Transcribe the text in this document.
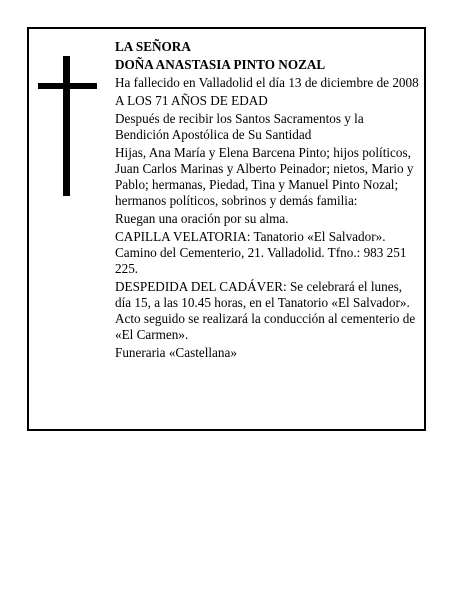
LA SEÑORA

DOÑA ANASTASIA PINTO NOZAL

Ha fallecido en Valladolid el día 13 de diciembre de 2008

A LOS 71 AÑOS DE EDAD

Después de recibir los Santos Sacramentos y la Bendición Apostólica de Su Santidad

Hijas, Ana María y Elena Barcena Pinto; hijos políticos, Juan Carlos Marinas y Alberto Peinador; nietos, Mario y Pablo; hermanas, Piedad, Tina y Manuel Pinto Nozal; hermanos políticos, sobrinos y demás familia:

Ruegan una oración por su alma.

CAPILLA VELATORIA: Tanatorio «El Salvador». Camino del Cementerio, 21. Valladolid. Tfno.: 983 251 225.

DESPEDIDA DEL CADÁVER: Se celebrará el lunes, día 15, a las 10.45 horas, en el Tanatorio «El Salvador». Acto seguido se realizará la conducción al cementerio de «El Carmen».

Funeraria «Castellana»
